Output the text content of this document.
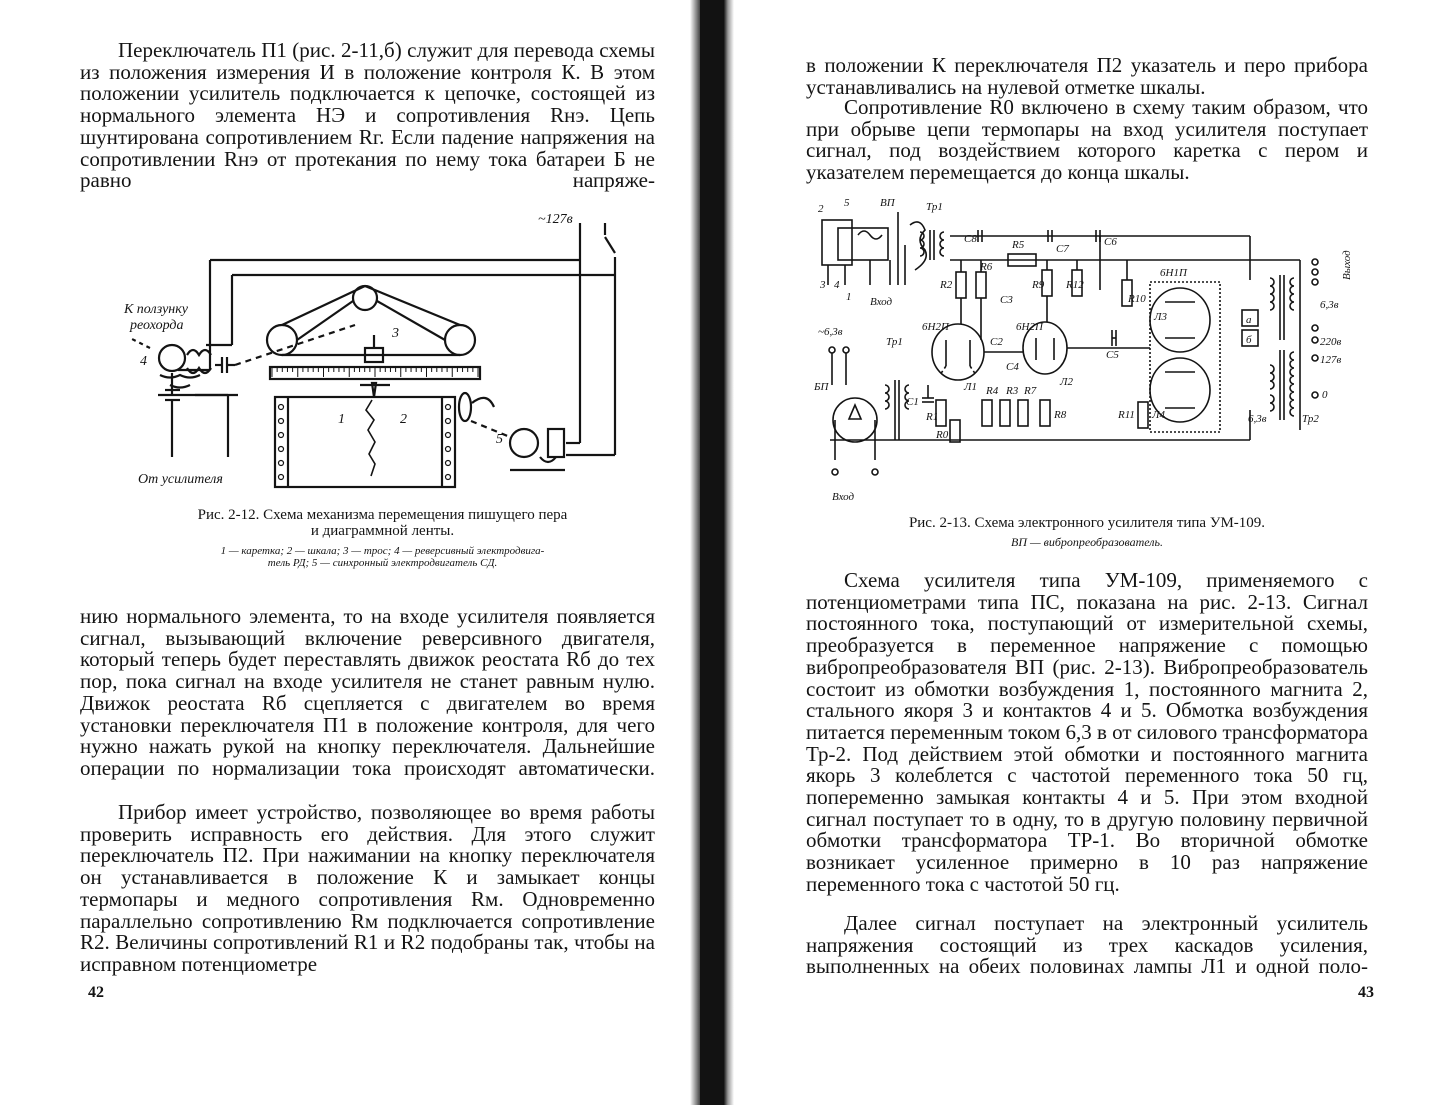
Переключатель П1 (рис. 2-11,б) служит для перевода схемы из положения измерения И в положение контроля К. В этом положении усилитель подключается к цепочке, состоящей из нормального элемента НЭ и сопротивления Rнэ. Цепь шунтирована сопротивлением Rг. Если падение напряжения на сопротивлении Rнэ от протекания по нему тока батареи Б не равно напряже-

~127в
К ползунку
реохорда
От усилителя
1	2
3
4
5

Рис. 2-12. Схема механизма перемещения пишущего пера

и диаграммной ленты.

1 — каретка; 2 — шкала; 3 — трос; 4 — реверсивный электродвига-

тель РД; 5 — синхронный электродвигатель СД.

нию нормального элемента, то на входе усилителя появляется сигнал, вызывающий включение реверсивного двигателя, который теперь будет переставлять движок реостата Rб до тех пор, пока сигнал на входе усилителя не станет равным нулю. Движок реостата Rб сцепляется с двигателем во время установки переключателя П1 в положение контроля, для чего нужно нажать рукой на кнопку переключателя. Дальнейшие операции по нормализации тока происходят автоматически.

Прибор имеет устройство, позволяющее во время работы проверить исправность его действия. Для этого служит переключатель П2. При нажимании на кнопку переключателя он устанавливается в положение К и замыкает концы термопары и медного сопротивления Rм. Одновременно параллельно сопротивлению Rм подключается сопротивление R2. Величины сопротивлений R1 и R2 подобраны так, чтобы на исправном потенциометре

42

в положении К переключателя П2 указатель и перо прибора устанавливались на нулевой отметке шкалы.

Сопротивление R0 включено в схему таким образом, что при обрыве цепи термопары на вход усилителя поступает сигнал, под воздействием которого каретка с пером и указателем перемещается до конца шкалы.

ВП	Тр1
Тр1
Тр2
Вход
Вход
Выход
~6,3в
6,3в
6,3в
220в
127в
0
6Н2П	6Н2П
6Н1П
C2
C3
C4
C5
C6
C7
C8
C1
R0
R1
R2
R3
R4
R5
R6
R7
R8
R9
R10
R11
R12
Л1	Л2
Л3
Л4
а
б
1
2
3 4
5
БП

Рис. 2-13. Схема электронного усилителя типа УМ-109.

ВП — вибропреобразователь.

Схема усилителя типа УМ-109, применяемого с потенциометрами типа ПС, показана на рис. 2-13. Сигнал постоянного тока, поступающий от измерительной схемы, преобразуется в переменное напряжение с помощью вибропреобразователя ВП (рис. 2-13). Вибропреобразователь состоит из обмотки возбуждения 1, постоянного магнита 2, стального якоря 3 и контактов 4 и 5. Обмотка возбуждения питается переменным током 6,3 в от силового трансформатора Тр-2. Под действием этой обмотки и постоянного магнита якорь 3 колеблется с частотой переменного тока 50 гц, попеременно замыкая контакты 4 и 5. При этом входной сигнал поступает то в одну, то в другую половину первичной обмотки трансформатора ТР-1. Во вторичной обмотке возникает усиленное примерно в 10 раз напряжение переменного тока с частотой 50 гц.

Далее сигнал поступает на электронный усилитель напряжения состоящий из трех каскадов усиления, выполненных на обеих половинах лампы Л1 и одной поло-

43
